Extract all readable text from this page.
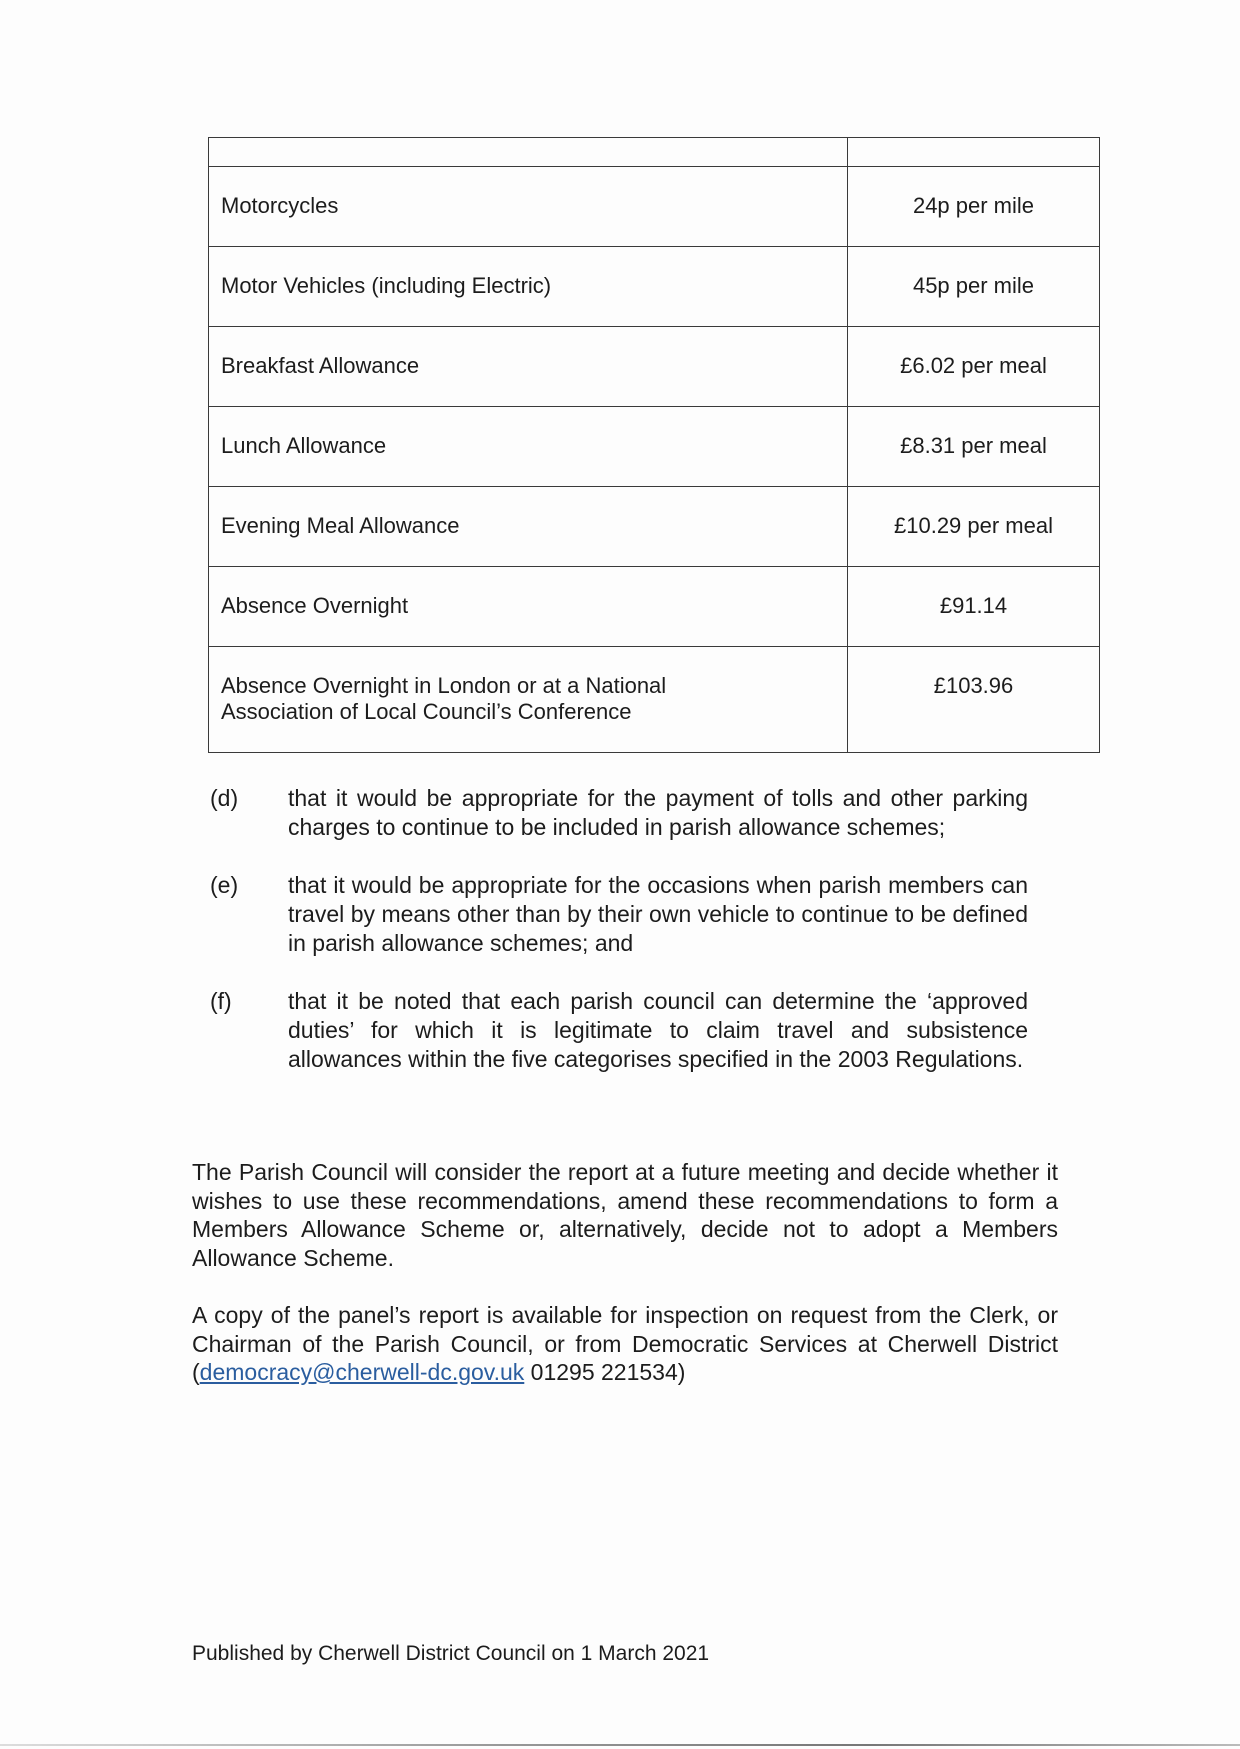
Motorcycles	24p per mile

Motor Vehicles (including Electric)	45p per mile

Breakfast Allowance	£6.02 per meal

Lunch Allowance	£8.31 per meal

Evening Meal Allowance	£10.29 per meal

Absence Overnight	£91.14

Absence Overnight in London or at a National
Association of Local Council’s Conference	£103.96
(d)	that it would be appropriate for the payment of tolls and other parking charges to continue to be included in parish allowance schemes;
(e)	that it would be appropriate for the occasions when parish members can travel by means other than by their own vehicle to continue to be defined in parish allowance schemes; and
(f)	that it be noted that each parish council can determine the ‘approved duties’ for which it is legitimate to claim travel and subsistence allowances within the five categorises specified in the 2003 Regulations.

The Parish Council will consider the report at a future meeting and decide whether it wishes to use these recommendations, amend these recommendations to form a Members Allowance Scheme or, alternatively, decide not to adopt a Members Allowance Scheme.

A copy of the panel’s report is available for inspection on request from the Clerk, or Chairman of the Parish Council, or from Democratic Services at Cherwell District (democracy@cherwell-dc.gov.uk 01295 221534)

Published by Cherwell District Council on 1 March 2021
